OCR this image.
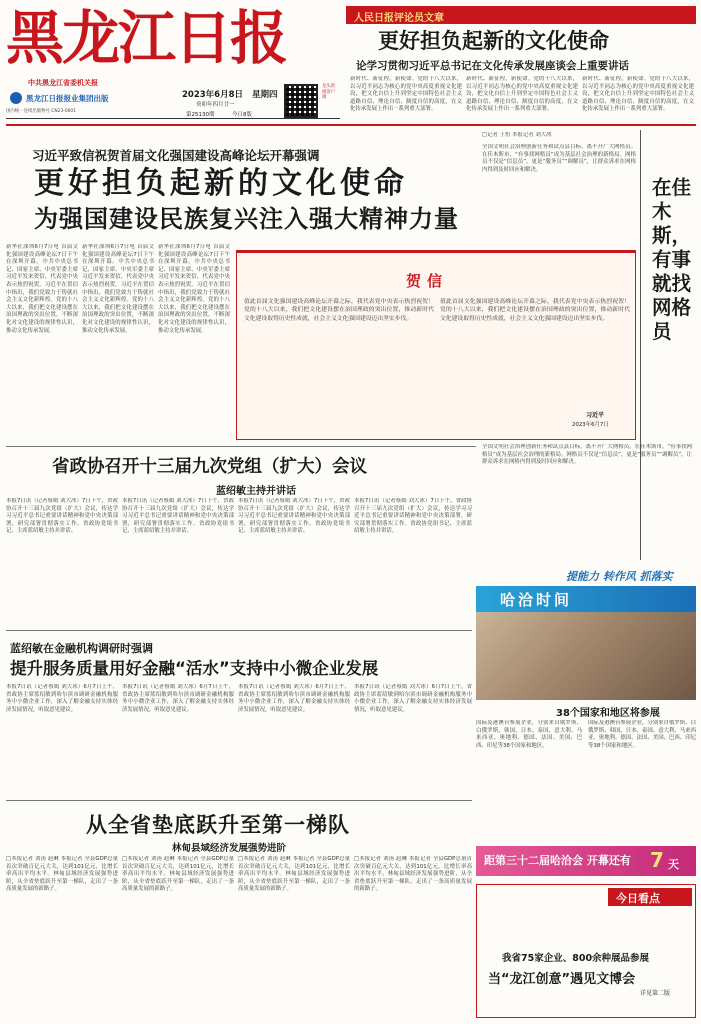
黑龙江日报
中共黑龙江省委机关报
黑龙江日报报业集团出版
国内统一连续出版物号 CN23-0001
2023年6月8日 星期四
癸卯年四月廿一
第25130期	今日8版
龙头新闻客户端
人民日报评论员文章
更好担负起新的文化使命
论学习贯彻习近平总书记在文化传承发展座谈会上重要讲话
新时代、新征程，新使命。党的十八大以来，以习近平同志为核心的党中央高度重视文化建设，把文化自信上升到坚定中国特色社会主义道路自信、理论自信、制度自信的高度，在文化传承发展上作出一系列重大部署。
新时代、新征程，新使命。党的十八大以来，以习近平同志为核心的党中央高度重视文化建设，把文化自信上升到坚定中国特色社会主义道路自信、理论自信、制度自信的高度，在文化传承发展上作出一系列重大部署。
新时代、新征程，新使命。党的十八大以来，以习近平同志为核心的党中央高度重视文化建设，把文化自信上升到坚定中国特色社会主义道路自信、理论自信、制度自信的高度，在文化传承发展上作出一系列重大部署。
习近平致信祝贺首届文化强国建设高峰论坛开幕强调
更好担负起新的文化使命
为强国建设民族复兴注入强大精神力量
新华社深圳6月7日电 首届文化强国建设高峰论坛7日下午在深圳开幕。中共中央总书记、国家主席、中央军委主席习近平发来贺信，代表党中央表示热烈祝贺。习近平在贺信中指出，我们党致力于铸就社会主义文化新辉煌。党的十八大以来，我们把文化建设摆在治国理政的突出位置，不断深化对文化建设的规律性认识，推动文化传承发展。
新华社深圳6月7日电 首届文化强国建设高峰论坛7日下午在深圳开幕。中共中央总书记、国家主席、中央军委主席习近平发来贺信，代表党中央表示热烈祝贺。习近平在贺信中指出，我们党致力于铸就社会主义文化新辉煌。党的十八大以来，我们把文化建设摆在治国理政的突出位置，不断深化对文化建设的规律性认识，推动文化传承发展。
新华社深圳6月7日电 首届文化强国建设高峰论坛7日下午在深圳开幕。中共中央总书记、国家主席、中央军委主席习近平发来贺信，代表党中央表示热烈祝贺。习近平在贺信中指出，我们党致力于铸就社会主义文化新辉煌。党的十八大以来，我们把文化建设摆在治国理政的突出位置，不断深化对文化建设的规律性认识，推动文化传承发展。
贺信
值此首届文化强国建设高峰论坛开幕之际，我代表党中央表示热烈祝贺！党的十八大以来，我们把文化建设摆在治国理政的突出位置，推动新时代文化建设取得历史性成就，社会主义文化强国建设迈出坚实步伐。
值此首届文化强国建设高峰论坛开幕之际，我代表党中央表示热烈祝贺！党的十八大以来，我们把文化建设摆在治国理政的突出位置，推动新时代文化建设取得历史性成就，社会主义文化强国建设迈出坚实步伐。
习近平
2023年6月7日
在佳木斯，有事就找网格员
□记者 王恒 本报记者 刘大冰
全国文明社会治理创新任务和试点县目标，离不开广大网格员。在佳木斯市，“有事找网格员”成为基层社会治理的新格局。网格员不仅是“信息员”，更是“服务员”“调解员”，让群众诉求在网格内得到及时回应和解决。
全国文明社会治理创新任务和试点县目标，离不开广大网格员。在佳木斯市，“有事找网格员”成为基层社会治理的新格局。网格员不仅是“信息员”，更是“服务员”“调解员”，让群众诉求在网格内得到及时回应和解决。
提能力 转作风 抓落实
哈洽时间
38个国家和地区将参展
国际及港澳台参展企业，分别来自俄罗斯、白俄罗斯、韩国、日本、泰国、意大利、马来西亚、奥地利、德国、法国、美国、巴西、印尼等38个国家和地区。
国际及港澳台参展企业，分别来自俄罗斯、白俄罗斯、韩国、日本、泰国、意大利、马来西亚、奥地利、德国、法国、美国、巴西、印尼等38个国家和地区。
距第三十二届哈洽会 开幕还有 7 天
省政协召开十三届九次党组（扩大）会议
蓝绍敏主持并讲话
本报7日讯（记者蔡嫣 刘大冰）7日下午，省政协召开十三届九次党组（扩大）会议，传达学习习近平总书记重要讲话精神和党中央决策部署，研究部署贯彻落实工作。省政协党组书记、主席蓝绍敏主持并讲话。
本报7日讯（记者蔡嫣 刘大冰）7日下午，省政协召开十三届九次党组（扩大）会议，传达学习习近平总书记重要讲话精神和党中央决策部署，研究部署贯彻落实工作。省政协党组书记、主席蓝绍敏主持并讲话。
本报7日讯（记者蔡嫣 刘大冰）7日下午，省政协召开十三届九次党组（扩大）会议，传达学习习近平总书记重要讲话精神和党中央决策部署，研究部署贯彻落实工作。省政协党组书记、主席蓝绍敏主持并讲话。
本报7日讯（记者蔡嫣 刘大冰）7日下午，省政协召开十三届九次党组（扩大）会议，传达学习习近平总书记重要讲话精神和党中央决策部署，研究部署贯彻落实工作。省政协党组书记、主席蓝绍敏主持并讲话。
蓝绍敏在金融机构调研时强调
提升服务质量用好金融“活水”支持中小微企业发展
本报7日讯（记者蔡嫣 刘大冰）6月7日上午，省政协主席蓝绍敏到哈尔滨市调研金融机构服务中小微企业工作，深入了解金融支持实体经济发展情况，听取意见建议。
本报7日讯（记者蔡嫣 刘大冰）6月7日上午，省政协主席蓝绍敏到哈尔滨市调研金融机构服务中小微企业工作，深入了解金融支持实体经济发展情况，听取意见建议。
本报7日讯（记者蔡嫣 刘大冰）6月7日上午，省政协主席蓝绍敏到哈尔滨市调研金融机构服务中小微企业工作，深入了解金融支持实体经济发展情况，听取意见建议。
本报7日讯（记者蔡嫣 刘大冰）6月7日上午，省政协主席蓝绍敏到哈尔滨市调研金融机构服务中小微企业工作，深入了解金融支持实体经济发展情况，听取意见建议。
从全省垫底跃升至第一梯队
林甸县域经济发展强势进阶
□本报记者 刘汤 赵琳 本报记者 全县GDP总量首次突破百亿元大关，达到101亿元，比增长率高出平均水平。林甸县域经济发展强势进阶，从全省垫底跃升至第一梯队，走出了一条高质量发展的新路子。
□本报记者 刘汤 赵琳 本报记者 全县GDP总量首次突破百亿元大关，达到101亿元，比增长率高出平均水平。林甸县域经济发展强势进阶，从全省垫底跃升至第一梯队，走出了一条高质量发展的新路子。
□本报记者 刘汤 赵琳 本报记者 全县GDP总量首次突破百亿元大关，达到101亿元，比增长率高出平均水平。林甸县域经济发展强势进阶，从全省垫底跃升至第一梯队，走出了一条高质量发展的新路子。
□本报记者 刘汤 赵琳 本报记者 全县GDP总量首次突破百亿元大关，达到101亿元，比增长率高出平均水平。林甸县域经济发展强势进阶，从全省垫底跃升至第一梯队，走出了一条高质量发展的新路子。
今日看点
我省75家企业、800余种展品参展
当“龙江创意”遇见文博会
详见第二版
